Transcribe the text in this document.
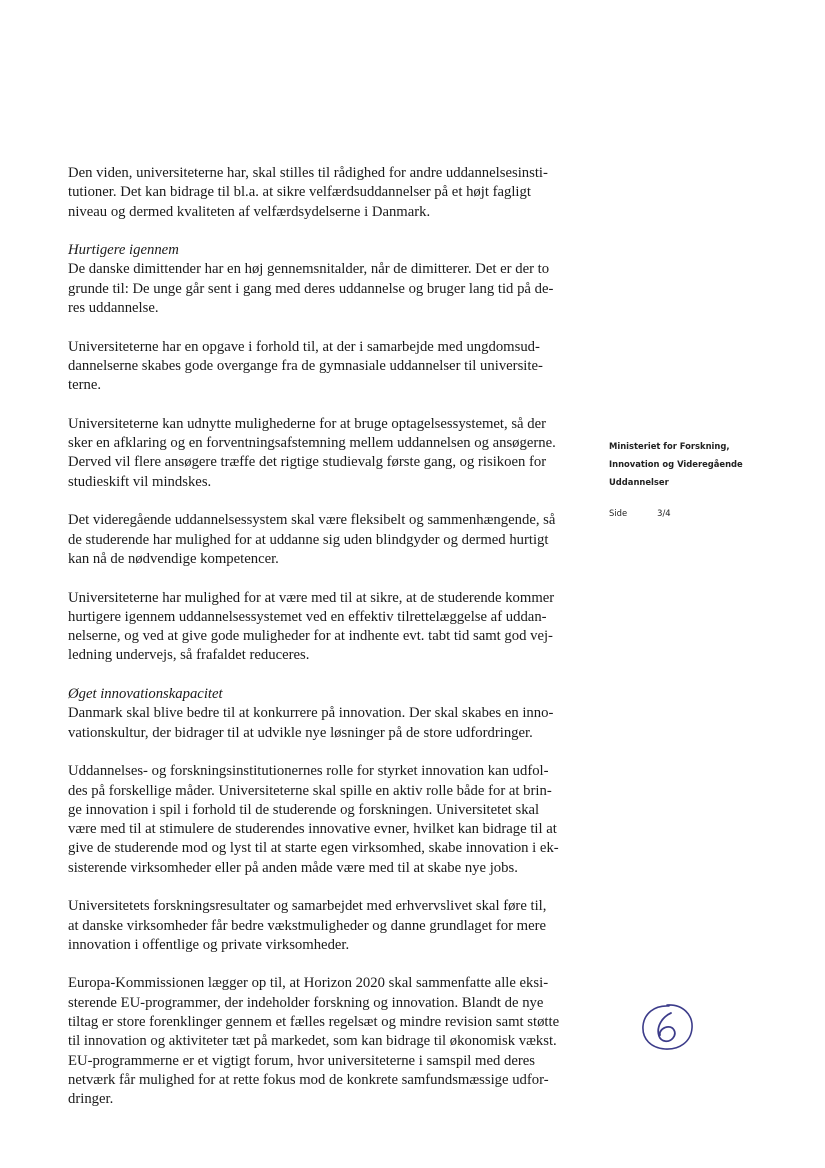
Den viden, universiteterne har, skal stilles til rådighed for andre uddannelsesinsti-
tutioner. Det kan bidrage til bl.a. at sikre velfærdsuddannelser på et højt fagligt
niveau og dermed kvaliteten af velfærdsydelserne i Danmark.
Hurtigere igennem
De danske dimittender har en høj gennemsnitalder, når de dimitterer. Det er der to
grunde til: De unge går sent i gang med deres uddannelse og bruger lang tid på de-
res uddannelse.
Universiteterne har en opgave i forhold til, at der i samarbejde med ungdomsud-
dannelserne skabes gode overgange fra de gymnasiale uddannelser til universite-
terne.
Universiteterne kan udnytte mulighederne for at bruge optagelsessystemet, så der
sker en afklaring og en forventningsafstemning mellem uddannelsen og ansøgerne.
Derved vil flere ansøgere træffe det rigtige studievalg første gang, og risikoen for
studieskift vil mindskes.
Det videregående uddannelsessystem skal være fleksibelt og sammenhængende, så
de studerende har mulighed for at uddanne sig uden blindgyder og dermed hurtigt
kan nå de nødvendige kompetencer.
Universiteterne har mulighed for at være med til at sikre, at de studerende kommer
hurtigere igennem uddannelsessystemet ved en effektiv tilrettelæggelse af uddan-
nelserne, og ved at give gode muligheder for at indhente evt. tabt tid samt god vej-
ledning undervejs, så frafaldet reduceres.
Øget innovationskapacitet
Danmark skal blive bedre til at konkurrere på innovation. Der skal skabes en inno-
vationskultur, der bidrager til at udvikle nye løsninger på de store udfordringer.
Uddannelses- og forskningsinstitutionernes rolle for styrket innovation kan udfol-
des på forskellige måder. Universiteterne skal spille en aktiv rolle både for at brin-
ge innovation i spil i forhold til de studerende og forskningen. Universitetet skal
være med til at stimulere de studerendes innovative evner, hvilket kan bidrage til at
give de studerende mod og lyst til at starte egen virksomhed, skabe innovation i ek-
sisterende virksomheder eller på anden måde være med til at skabe nye jobs.
Universitetets forskningsresultater og samarbejdet med erhvervslivet skal føre til,
at danske virksomheder får bedre vækstmuligheder og danne grundlaget for mere
innovation i offentlige og private virksomheder.
Europa-Kommissionen lægger op til, at Horizon 2020 skal sammenfatte alle eksi-
sterende EU-programmer, der indeholder forskning og innovation. Blandt de nye
tiltag er store forenklinger gennem et fælles regelsæt og mindre revision samt støtte
til innovation og aktiviteter tæt på markedet, som kan bidrage til økonomisk vækst.
EU-programmerne er et vigtigt forum, hvor universiteterne i samspil med deres
netværk får mulighed for at rette fokus mod de konkrete samfundsmæssige udfor-
dringer.
Ministeriet for Forskning,
Innovation og Videregående
Uddannelser
Side	3/4
